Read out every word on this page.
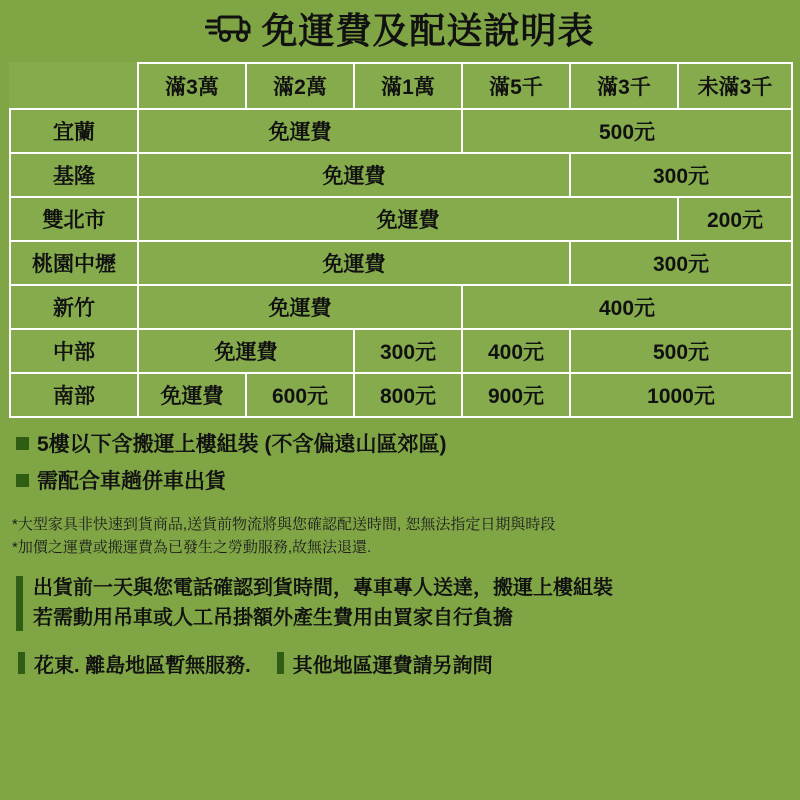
免運費及配送說明表
	滿3萬	滿2萬	滿1萬	滿5千	滿3千	未滿3千
宜蘭	免運費			500元		
基隆	免運費				300元	
雙北市	免運費					200元
桃園中壢	免運費				300元	
新竹	免運費			400元		
中部	免運費		300元	400元	500元	
南部	免運費	600元	800元	900元	1000元	
5樓以下含搬運上樓組裝 (不含偏遠山區郊區)
需配合車趟併車出貨
*大型家具非快速到貨商品,送貨前物流將與您確認配送時間, 恕無法指定日期與時段
*加價之運費或搬運費為已發生之勞動服務,故無法退還.
出貨前一天與您電話確認到貨時間，專車專人送達，搬運上樓組裝
若需動用吊車或人工吊掛額外產生費用由買家自行負擔
花東. 離島地區暫無服務. 其他地區運費請另詢問
